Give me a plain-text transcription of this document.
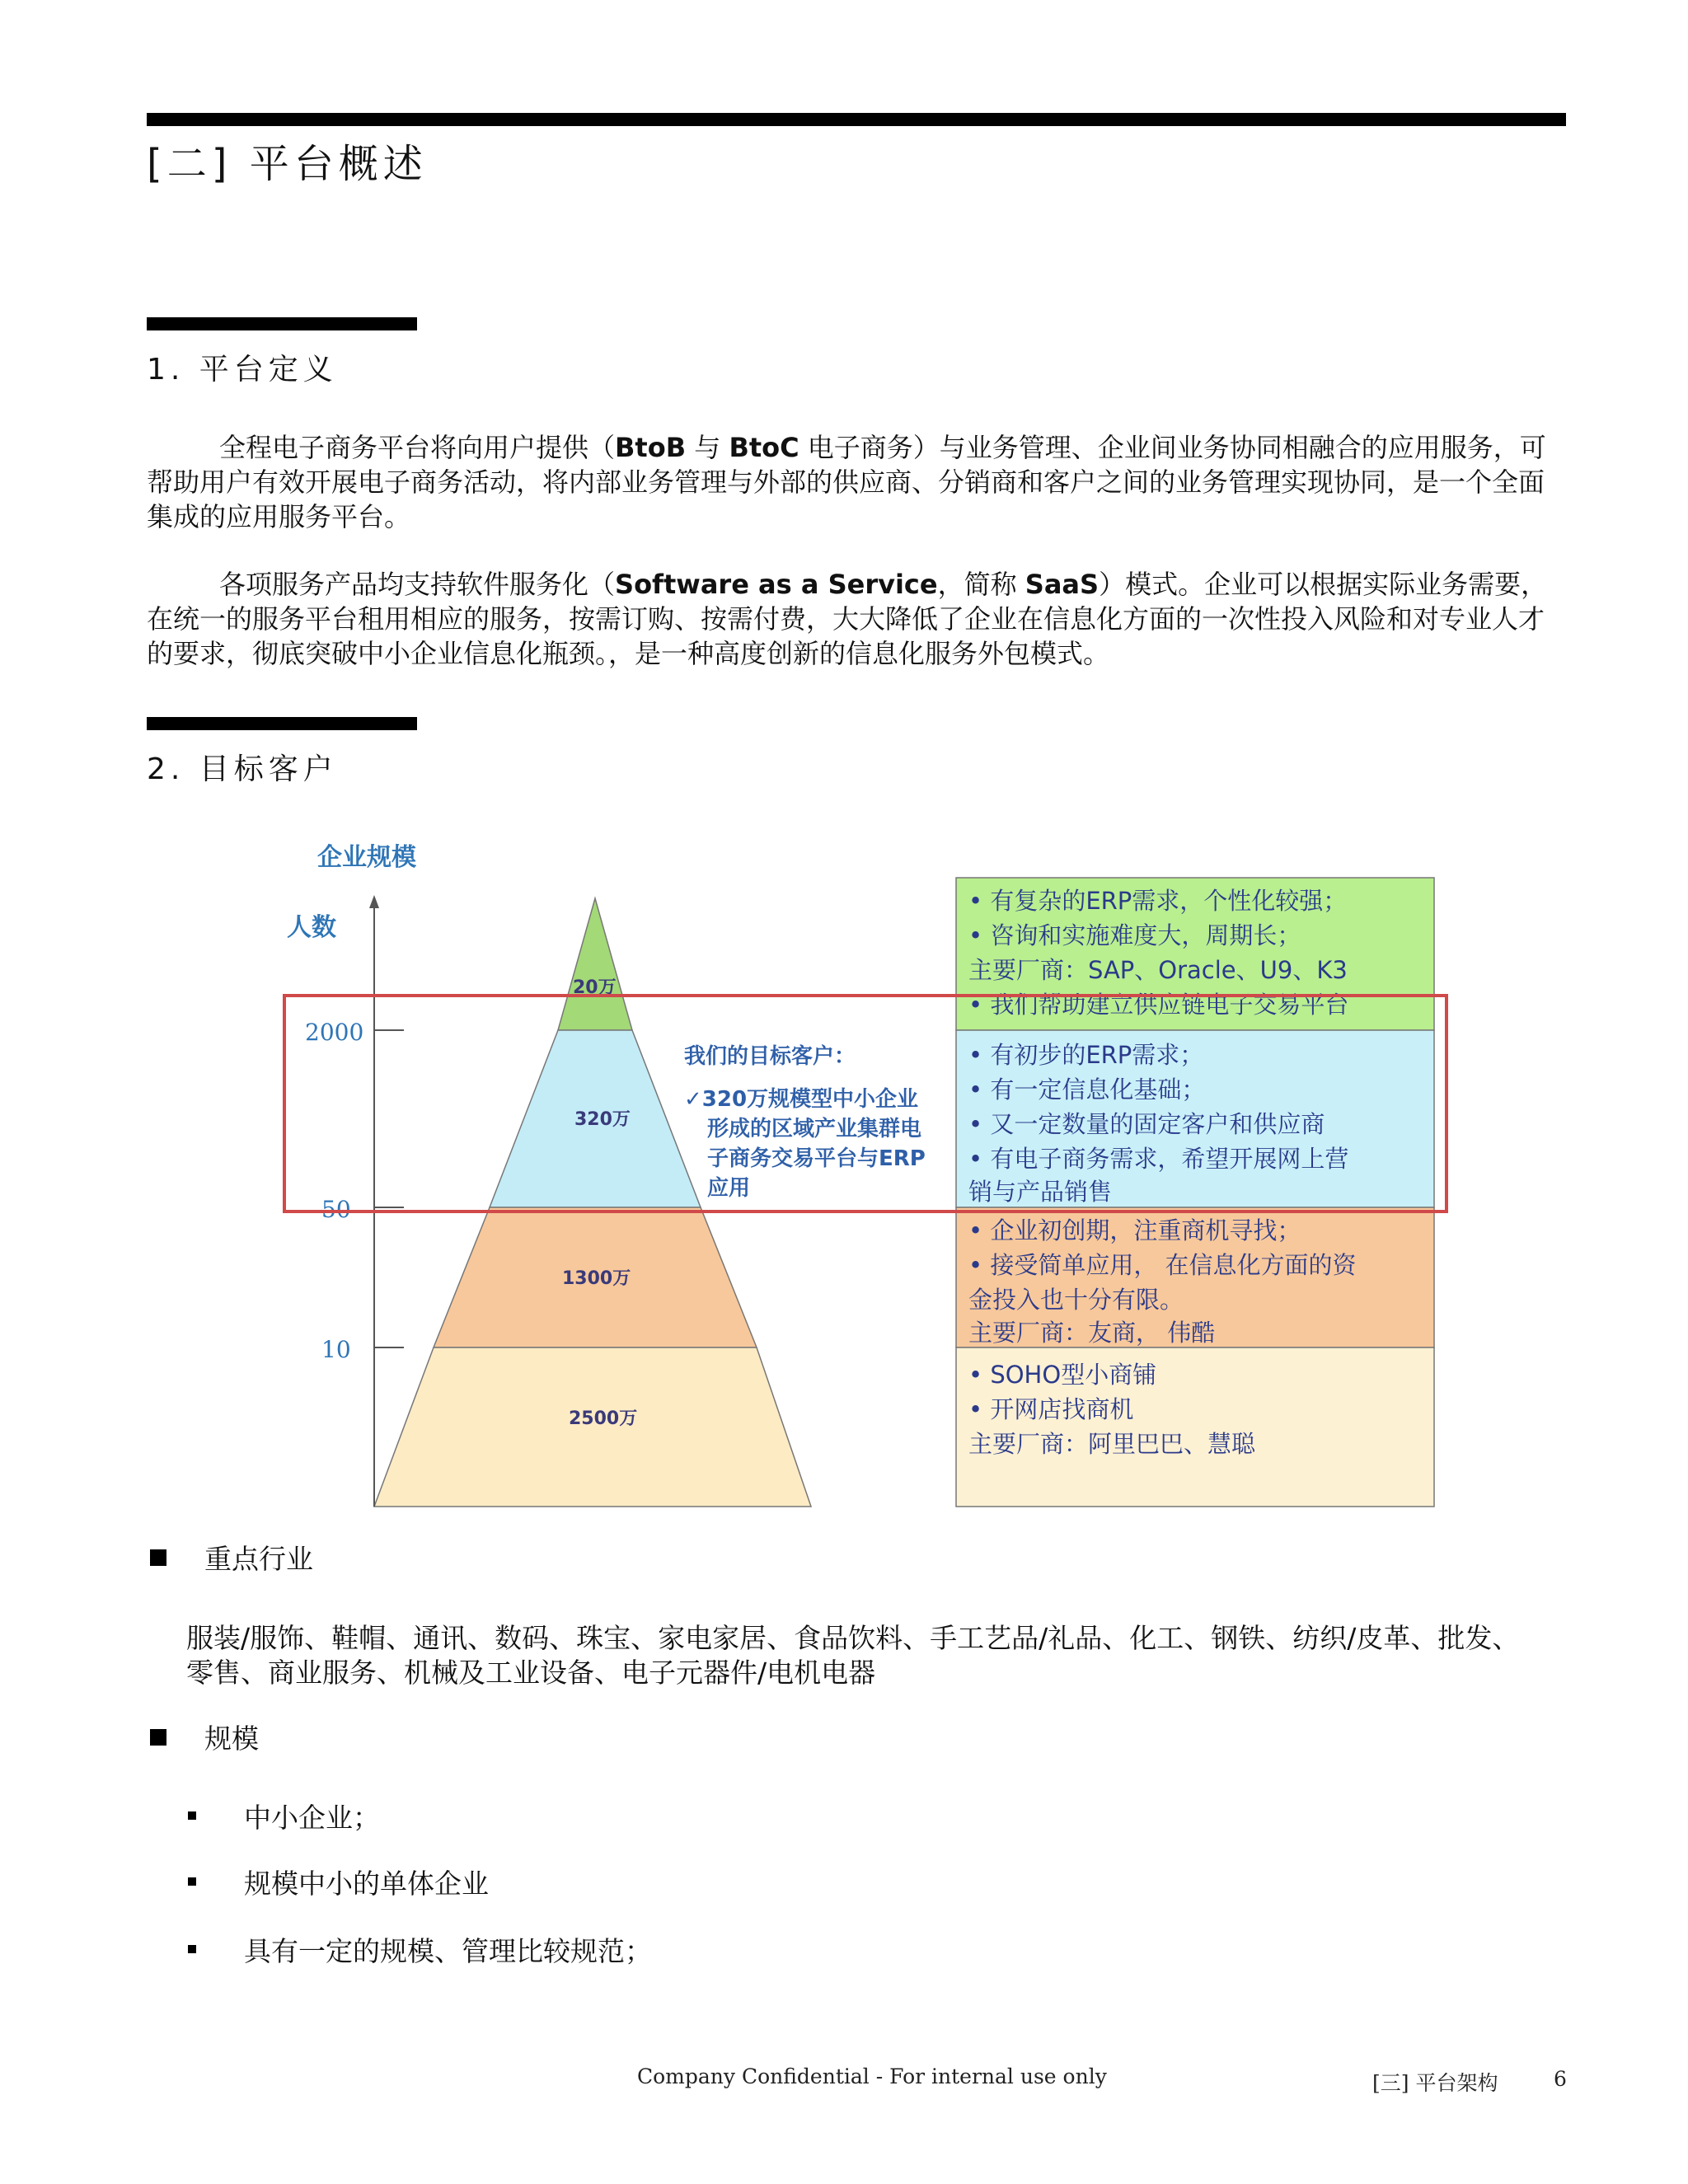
[二] 平台概述
1. 平台定义

全程电子商务平台将向用户提供（BtoB 与 BtoC 电子商务）与业务管理、企业间业务协同相融合的应用服务，可帮助用户有效开展电子商务活动，将内部业务管理与外部的供应商、分销商和客户之间的业务管理实现协同，是一个全面集成的应用服务平台。

各项服务产品均支持软件服务化（Software as a Service，简称 SaaS）模式。企业可以根据实际业务需要，在统一的服务平台租用相应的服务，按需订购、按需付费，大大降低了企业在信息化方面的一次性投入风险和对专业人才的要求，彻底突破中小企业信息化瓶颈。，是一种高度创新的信息化服务外包模式。

2. 目标客户
企业规模
人数
2000
50
10
20万
320万
1300万
2500万
我们的目标客户：
✓320万规模型中小企业
形成的区域产业集群电
子商务交易平台与ERP
应用
• 有复杂的ERP需求，个性化较强；
• 咨询和实施难度大，周期长；
主要厂商：SAP、Oracle、U9、K3
• 我们帮助建立供应链电子交易平台
• 有初步的ERP需求；
• 有一定信息化基础；
• 又一定数量的固定客户和供应商
• 有电子商务需求，希望开展网上营
销与产品销售
• 企业初创期，注重商机寻找；
• 接受简单应用， 在信息化方面的资
金投入也十分有限。
主要厂商：友商， 伟酷
• SOHO型小商铺
• 开网店找商机
主要厂商：阿里巴巴、慧聪
重点行业
服装/服饰、鞋帽、通讯、数码、珠宝、家电家居、食品饮料、手工艺品/礼品、化工、钢铁、纺织/皮革、批发、
零售、商业服务、机械及工业设备、电子元器件/电机电器
规模
中小企业；
规模中小的单体企业
具有一定的规模、管理比较规范；
Company Confidential - For internal use only	[三] 平台架构	6
